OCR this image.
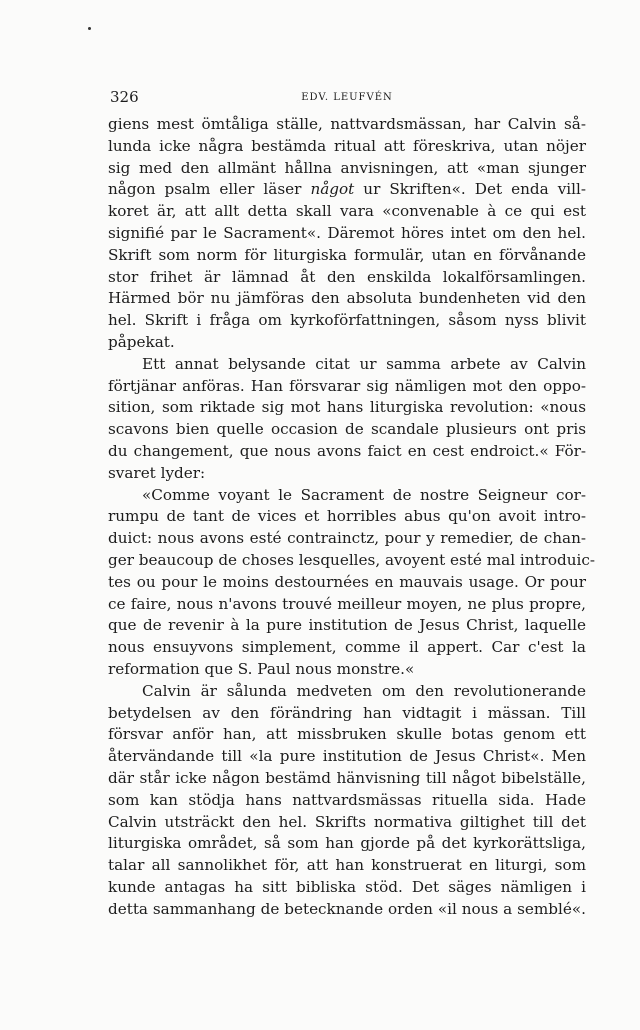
326	EDV. LEUFVÉN

giens mest ömtåliga ställe, nattvardsmässan, har Calvin så-
lunda icke några bestämda ritual att föreskriva, utan nöjer
sig med den allmänt hållna anvisningen, att «man sjunger
någon psalm eller läser något ur Skriften«. Det enda vill-
koret är, att allt detta skall vara «convenable à ce qui est
signifié par le Sacrament«. Däremot höres intet om den hel.
Skrift som norm för liturgiska formulär, utan en förvånande
stor frihet är lämnad åt den enskilda lokalförsamlingen.
Härmed bör nu jämföras den absoluta bundenheten vid den
hel. Skrift i fråga om kyrkoförfattningen, såsom nyss blivit
påpekat.

Ett annat belysande citat ur samma arbete av Calvin
förtjänar anföras. Han försvarar sig nämligen mot den oppo-
sition, som riktade sig mot hans liturgiska revolution: «nous
scavons bien quelle occasion de scandale plusieurs ont pris
du changement, que nous avons faict en cest endroict.« För-
svaret lyder:

«Comme voyant le Sacrament de nostre Seigneur cor-
rumpu de tant de vices et horribles abus qu'on avoit intro-
duict: nous avons esté contrainctz, pour y remedier, de chan-
ger beaucoup de choses lesquelles, avoyent esté mal introduic-
tes ou pour le moins destournées en mauvais usage. Or pour
ce faire, nous n'avons trouvé meilleur moyen, ne plus propre,
que de revenir à la pure institution de Jesus Christ, laquelle
nous ensuyvons simplement, comme il appert. Car c'est la
reformation que S. Paul nous monstre.«

Calvin är sålunda medveten om den revolutionerande
betydelsen av den förändring han vidtagit i mässan. Till
försvar anför han, att missbruken skulle botas genom ett
återvändande till «la pure institution de Jesus Christ«. Men
där står icke någon bestämd hänvisning till något bibelställe,
som kan stödja hans nattvardsmässas rituella sida. Hade
Calvin utsträckt den hel. Skrifts normativa giltighet till det
liturgiska området, så som han gjorde på det kyrkorättsliga,
talar all sannolikhet för, att han konstruerat en liturgi, som
kunde antagas ha sitt bibliska stöd. Det säges nämligen i
detta sammanhang de betecknande orden «il nous a semblé«.
